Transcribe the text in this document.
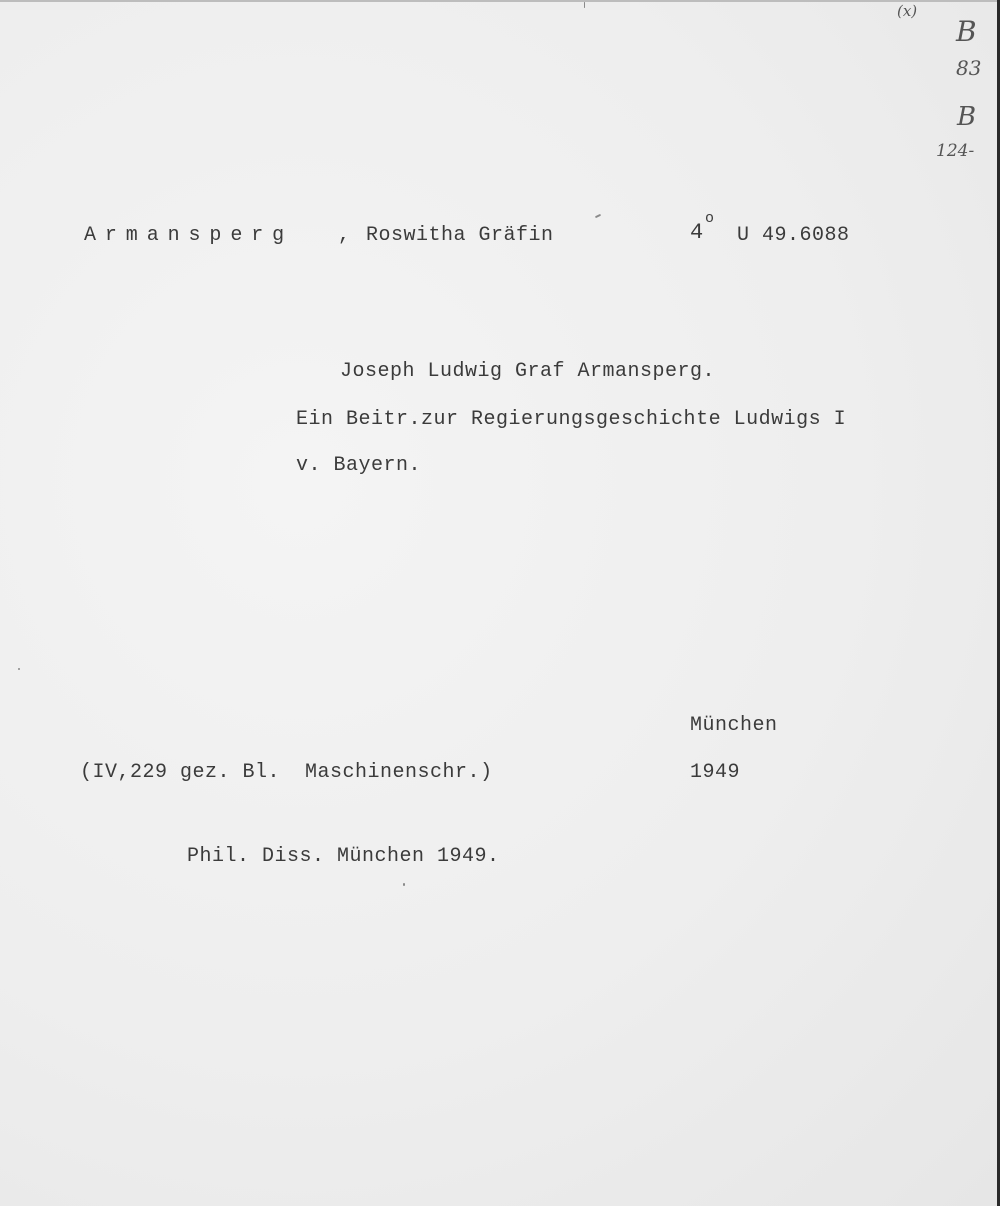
(x)
B
83
B
124-
Armansperg , Roswitha Gräfin	4
o
U 49.6088
Joseph Ludwig Graf Armansperg.
Ein Beitr.zur Regierungsgeschichte Ludwigs I
v. Bayern.
München
1949
(IV,229 gez. Bl.  Maschinenschr.)
Phil. Diss. München 1949.
